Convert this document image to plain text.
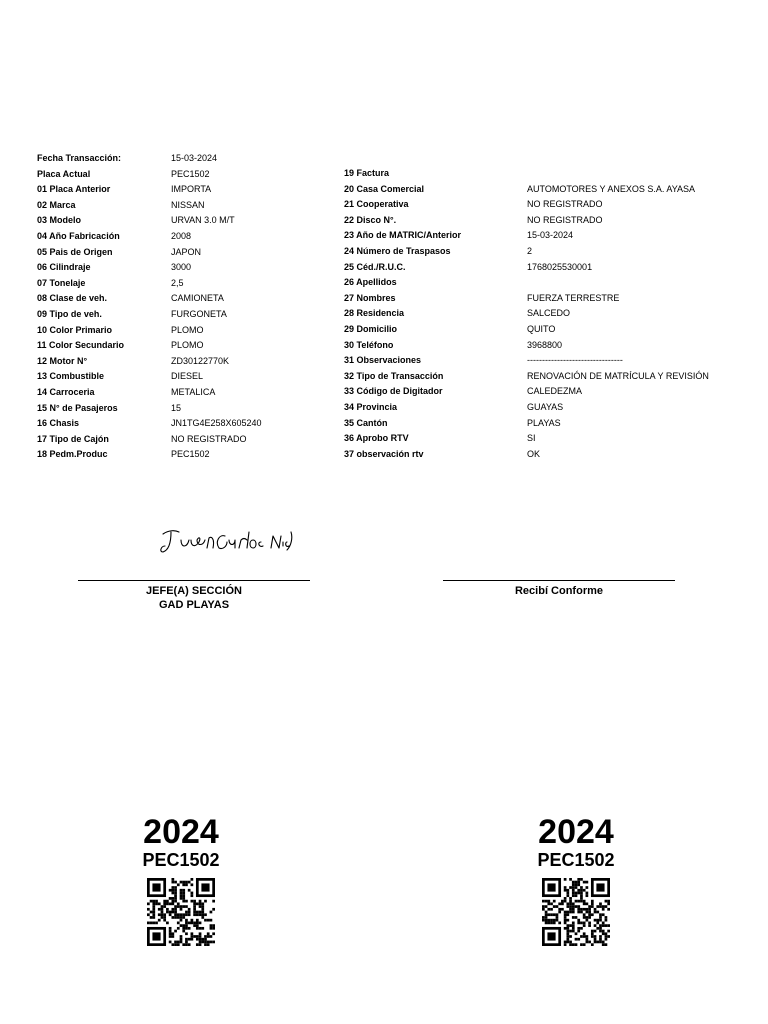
Fecha Transacción:	15-03-2024
Placa Actual	PEC1502
01 Placa Anterior	IMPORTA
02 Marca	NISSAN
03 Modelo	URVAN 3.0 M/T
04 Año Fabricación	2008
05 Pais de Origen	JAPON
06 Cilindraje	3000
07 Tonelaje	2,5
08 Clase de veh.	CAMIONETA
09 Tipo de veh.	FURGONETA
10 Color Primario	PLOMO
11 Color Secundario	PLOMO
12 Motor N°	ZD30122770K
13 Combustible	DIESEL
14 Carroceria	METALICA
15 N° de Pasajeros	15
16 Chasis	JN1TG4E258X605240
17 Tipo de Cajón	NO REGISTRADO
18 Pedm.Produc	PEC1502
19 Factura
20 Casa Comercial	AUTOMOTORES Y ANEXOS S.A. AYASA
21 Cooperativa	NO REGISTRADO
22 Disco N°.	NO REGISTRADO
23 Año de MATRIC/Anterior	15-03-2024
24 Número de Traspasos	2
25 Céd./R.U.C.	1768025530001
26 Apellidos
27 Nombres	FUERZA TERRESTRE
28 Residencia	SALCEDO
29 Domicilio	QUITO
30 Teléfono	3968800
31 Observaciones	--------------------------------
32 Tipo de Transacción	RENOVACIÓN DE MATRÍCULA Y REVISIÓN
33 Código de Digitador	CALEDEZMA
34 Provincia	GUAYAS
35 Cantón	PLAYAS
36 Aprobo RTV	SI
37 observación rtv	OK
JEFE(A) SECCIÓN
GAD PLAYAS
Recibí Conforme
2024
PEC1502
2024
PEC1502
